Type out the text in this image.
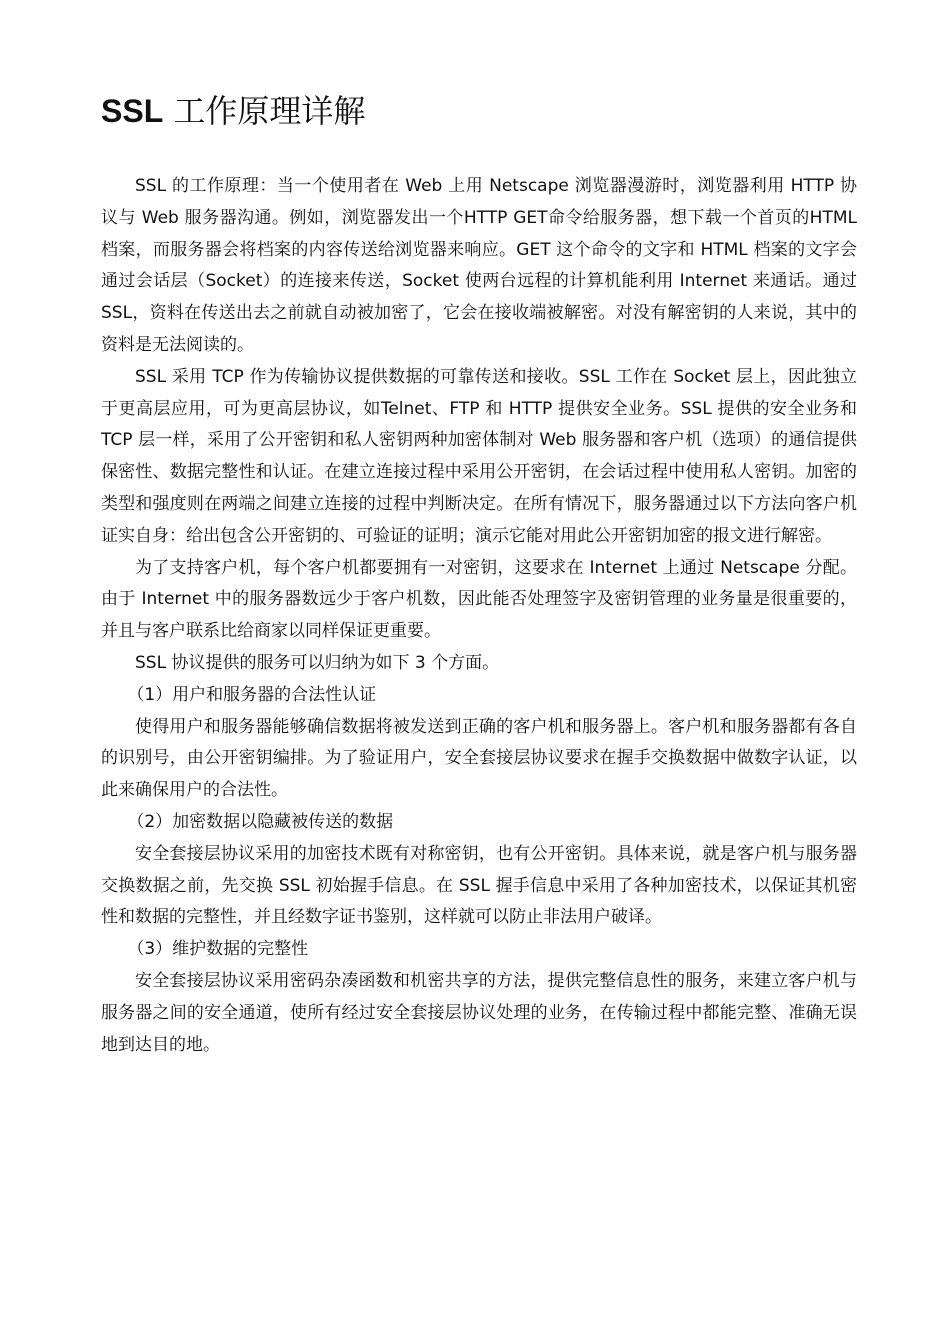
SSL 工作原理详解

SSL 的工作原理：当一个使用者在 Web 上用 Netscape 浏览器漫游时，浏览器利用 HTTP 协议与 Web 服务器沟通。例如，浏览器发出一个HTTP GET命令给服务器，想下载一个首页的HTML 档案，而服务器会将档案的内容传送给浏览器来响应。GET 这个命令的文字和 HTML 档案的文字会通过会话层（Socket）的连接来传送，Socket 使两台远程的计算机能利用 Internet 来通话。通过 SSL，资料在传送出去之前就自动被加密了，它会在接收端被解密。对没有解密钥的人来说，其中的资料是无法阅读的。

SSL 采用 TCP 作为传输协议提供数据的可靠传送和接收。SSL 工作在 Socket 层上，因此独立于更高层应用，可为更高层协议，如Telnet、FTP 和 HTTP 提供安全业务。SSL 提供的安全业务和 TCP 层一样，采用了公开密钥和私人密钥两种加密体制对 Web 服务器和客户机（选项）的通信提供保密性、数据完整性和认证。在建立连接过程中采用公开密钥，在会话过程中使用私人密钥。加密的类型和强度则在两端之间建立连接的过程中判断决定。在所有情况下，服务器通过以下方法向客户机证实自身：给出包含公开密钥的、可验证的证明；演示它能对用此公开密钥加密的报文进行解密。

为了支持客户机，每个客户机都要拥有一对密钥，这要求在 Internet 上通过 Netscape 分配。由于 Internet 中的服务器数远少于客户机数，因此能否处理签字及密钥管理的业务量是很重要的，并且与客户联系比给商家以同样保证更重要。

SSL 协议提供的服务可以归纳为如下 3 个方面。

（1）用户和服务器的合法性认证

使得用户和服务器能够确信数据将被发送到正确的客户机和服务器上。客户机和服务器都有各自的识别号，由公开密钥编排。为了验证用户，安全套接层协议要求在握手交换数据中做数字认证，以此来确保用户的合法性。

（2）加密数据以隐藏被传送的数据

安全套接层协议采用的加密技术既有对称密钥，也有公开密钥。具体来说，就是客户机与服务器交换数据之前，先交换 SSL 初始握手信息。在 SSL 握手信息中采用了各种加密技术，以保证其机密性和数据的完整性，并且经数字证书鉴别，这样就可以防止非法用户破译。

（3）维护数据的完整性

安全套接层协议采用密码杂凑函数和机密共享的方法，提供完整信息性的服务，来建立客户机与服务器之间的安全通道，使所有经过安全套接层协议处理的业务，在传输过程中都能完整、准确无误地到达目的地。
